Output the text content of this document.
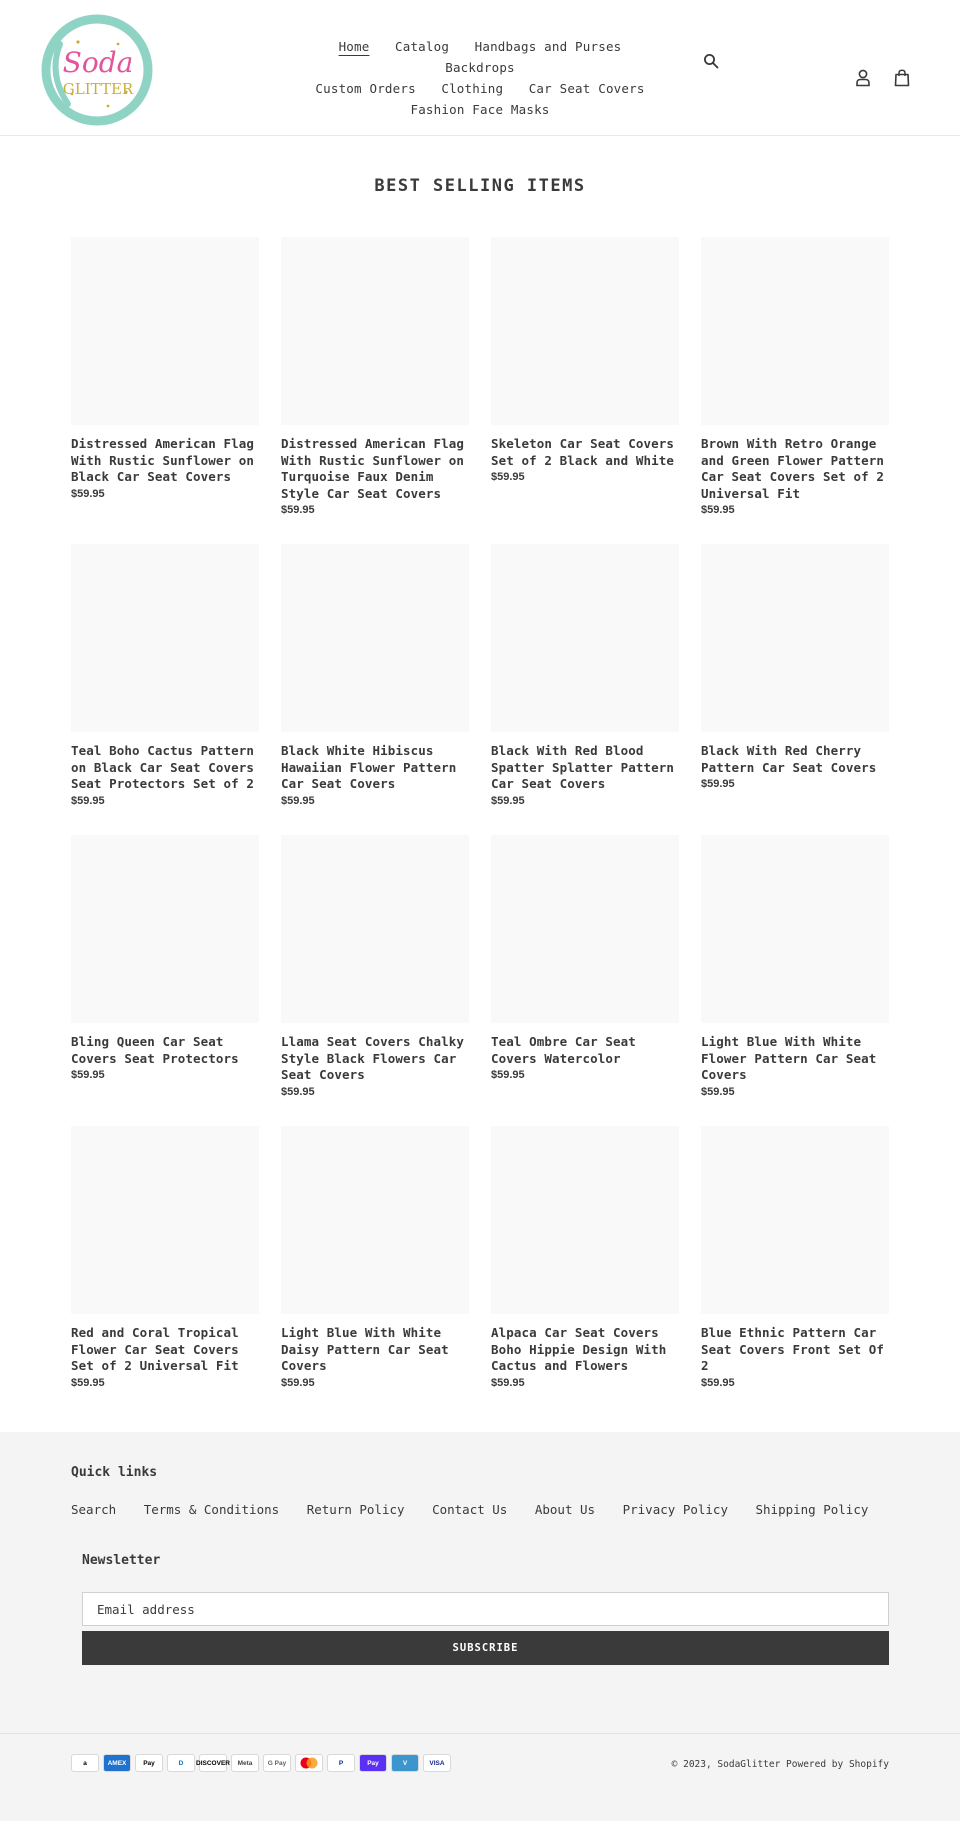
Soda
GLITTER
Home Catalog Handbags and Purses Backdrops
Custom Orders Clothing Car Seat Covers
Fashion Face Masks
BEST SELLING ITEMS
Distressed American Flag With Rustic Sunflower on Black Car Seat Covers
$59.95
Distressed American Flag With Rustic Sunflower on Turquoise Faux Denim Style Car Seat Covers
$59.95
Skeleton Car Seat Covers Set of 2 Black and White
$59.95
Brown With Retro Orange and Green Flower Pattern Car Seat Covers Set of 2 Universal Fit
$59.95
Teal Boho Cactus Pattern on Black Car Seat Covers Seat Protectors Set of 2
$59.95
Black White Hibiscus Hawaiian Flower Pattern Car Seat Covers
$59.95
Black With Red Blood Spatter Splatter Pattern Car Seat Covers
$59.95
Black With Red Cherry Pattern Car Seat Covers
$59.95
Bling Queen Car Seat Covers Seat Protectors
$59.95
Llama Seat Covers Chalky Style Black Flowers Car Seat Covers
$59.95
Teal Ombre Car Seat Covers Watercolor
$59.95
Light Blue With White Flower Pattern Car Seat Covers
$59.95
Red and Coral Tropical Flower Car Seat Covers Set of 2 Universal Fit
$59.95
Light Blue With White Daisy Pattern Car Seat Covers
$59.95
Alpaca Car Seat Covers Boho Hippie Design With Cactus and Flowers
$59.95
Blue Ethnic Pattern Car Seat Covers Front Set Of 2
$59.95
Quick links
Search Terms & Conditions Return Policy Contact Us About Us Privacy Policy Shipping Policy
Newsletter
Email address
SUBSCRIBE
a	AMEX	Pay	D DISCOVER Meta G Pay	P	Pay	V	VISA	© 2023, SodaGlitter Powered by Shopify
